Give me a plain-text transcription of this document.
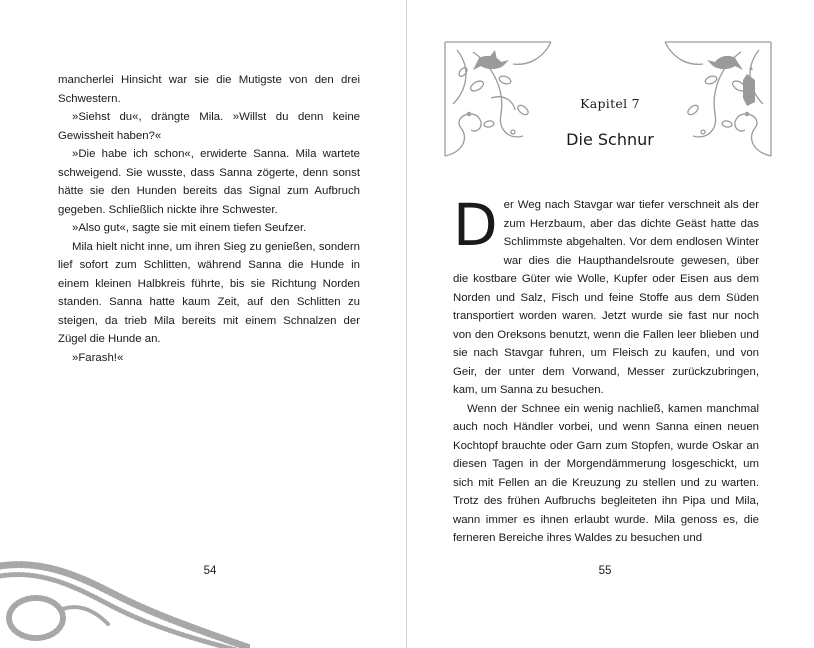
mancherlei Hinsicht war sie die Mutigste von den drei Schwestern.

»Siehst du«, drängte Mila. »Willst du denn keine Gewissheit haben?«

»Die habe ich schon«, erwiderte Sanna. Mila wartete schweigend. Sie wusste, dass Sanna zögerte, denn sonst hätte sie den Hunden bereits das Signal zum Aufbruch gegeben. Schließlich nickte ihre Schwester.

»Also gut«, sagte sie mit einem tiefen Seufzer.

Mila hielt nicht inne, um ihren Sieg zu genießen, sondern lief sofort zum Schlitten, während Sanna die Hunde in einem kleinen Halbkreis führte, bis sie Richtung Norden standen. Sanna hatte kaum Zeit, auf den Schlitten zu steigen, da trieb Mila bereits mit einem Schnalzen der Zügel die Hunde an.

»Farash!«

54
Kapitel 7
Die Schnur

Der Weg nach Stavgar war tiefer verschneit als der zum Herzbaum, aber das dichte Geäst hatte das Schlimmste abgehalten. Vor dem endlosen Winter war dies die Haupthandelsroute gewesen, über die kostbare Güter wie Wolle, Kupfer oder Eisen aus dem Norden und Salz, Fisch und feine Stoffe aus dem Süden transportiert worden waren. Jetzt wurde sie fast nur noch von den Oreksons benutzt, wenn die Fallen leer blieben und sie nach Stavgar fuhren, um Fleisch zu kaufen, und von Geir, der unter dem Vorwand, Messer zurückzubringen, kam, um Sanna zu besuchen.

Wenn der Schnee ein wenig nachließ, kamen manchmal auch noch Händler vorbei, und wenn Sanna einen neuen Kochtopf brauchte oder Garn zum Stopfen, wurde Oskar an diesen Tagen in der Morgendämmerung losgeschickt, um sich mit Fellen an die Kreuzung zu stellen und zu warten. Trotz des frühen Aufbruchs begleiteten ihn Pipa und Mila, wann immer es ihnen erlaubt wurde. Mila genoss es, die ferneren Bereiche ihres Waldes zu besuchen und

55
